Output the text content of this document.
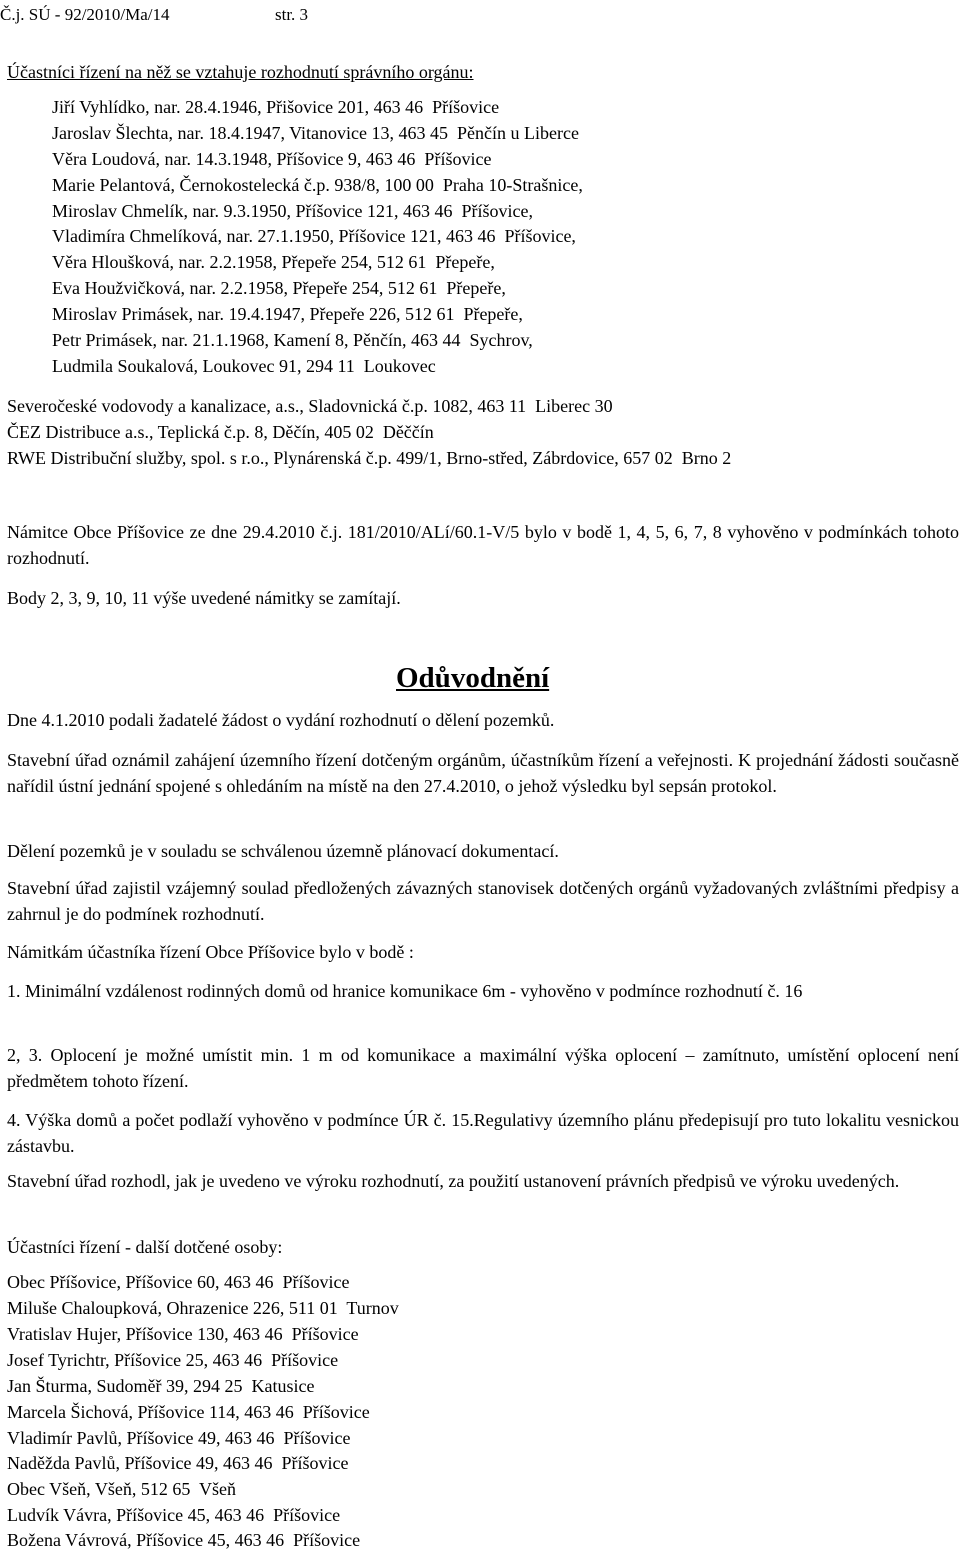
Č.j. SÚ - 92/2010/Ma/14	str. 3
Účastníci řízení na něž se vztahuje rozhodnutí správního orgánu:
Jiří Vyhlídko, nar. 28.4.1946, Přišovice 201, 463 46  Příšovice
Jaroslav Šlechta, nar. 18.4.1947, Vitanovice 13, 463 45  Pěnčín u Liberce
Věra Loudová, nar. 14.3.1948, Příšovice 9, 463 46  Příšovice
Marie Pelantová, Černokostelecká č.p. 938/8, 100 00  Praha 10-Strašnice,
Miroslav Chmelík, nar. 9.3.1950, Příšovice 121, 463 46  Příšovice,
Vladimíra Chmelíková, nar. 27.1.1950, Příšovice 121, 463 46  Příšovice,
Věra Hloušková, nar. 2.2.1958, Přepeře 254, 512 61  Přepeře,
Eva Houžvičková, nar. 2.2.1958, Přepeře 254, 512 61  Přepeře,
Miroslav Primásek, nar. 19.4.1947, Přepeře 226, 512 61  Přepeře,
Petr Primásek, nar. 21.1.1968, Kamení 8, Pěnčín, 463 44  Sychrov,
Ludmila Soukalová, Loukovec 91, 294 11  Loukovec
Severočeské vodovody a kanalizace, a.s., Sladovnická č.p. 1082, 463 11  Liberec 30
ČEZ Distribuce a.s., Teplická č.p. 8, Děčín, 405 02  Děččín
RWE Distribuční služby, spol. s r.o., Plynárenská č.p. 499/1, Brno-střed, Zábrdovice, 657 02  Brno 2
Námitce Obce Příšovice ze dne 29.4.2010 č.j. 181/2010/ALí/60.1-V/5 bylo v bodě 1, 4, 5, 6, 7, 8 vyhověno v podmínkách tohoto rozhodnutí.
Body 2, 3, 9, 10, 11 výše uvedené námitky se zamítají.
Odůvodnění
Dne 4.1.2010 podali žadatelé žádost o vydání rozhodnutí o dělení pozemků.
Stavební úřad oznámil zahájení územního řízení dotčeným orgánům, účastníkům řízení a veřejnosti. K projednání žádosti současně nařídil ústní jednání spojené s ohledáním na místě na den 27.4.2010, o jehož výsledku byl sepsán protokol.
Dělení pozemků je v souladu se schválenou územně plánovací dokumentací.
Stavební úřad zajistil vzájemný soulad předložených závazných stanovisek dotčených orgánů vyžadovaných zvláštními předpisy a zahrnul je do podmínek rozhodnutí.
Námitkám účastníka řízení Obce Příšovice bylo v bodě :
1. Minimální vzdálenost rodinných domů od hranice komunikace 6m - vyhověno v podmínce rozhodnutí č. 16
2, 3. Oplocení je možné umístit min. 1 m od komunikace a maximální výška oplocení – zamítnuto, umístění oplocení není předmětem tohoto řízení.
4. Výška domů a počet podlaží vyhověno v podmínce ÚR č. 15.Regulativy územního plánu předepisují pro tuto lokalitu vesnickou zástavbu.
Stavební úřad rozhodl, jak je uvedeno ve výroku rozhodnutí, za použití ustanovení právních předpisů ve výroku uvedených.
Účastníci řízení - další dotčené osoby:
Obec Příšovice, Příšovice 60, 463 46  Příšovice
Miluše Chaloupková, Ohrazenice 226, 511 01  Turnov
Vratislav Hujer, Příšovice 130, 463 46  Příšovice
Josef Tyrichtr, Příšovice 25, 463 46  Příšovice
Jan Šturma, Sudoměř 39, 294 25  Katusice
Marcela Šichová, Příšovice 114, 463 46  Příšovice
Vladimír Pavlů, Příšovice 49, 463 46  Příšovice
Naděžda Pavlů, Příšovice 49, 463 46  Příšovice
Obec Všeň, Všeň, 512 65  Všeň
Ludvík Vávra, Příšovice 45, 463 46  Příšovice
Božena Vávrová, Příšovice 45, 463 46  Příšovice
